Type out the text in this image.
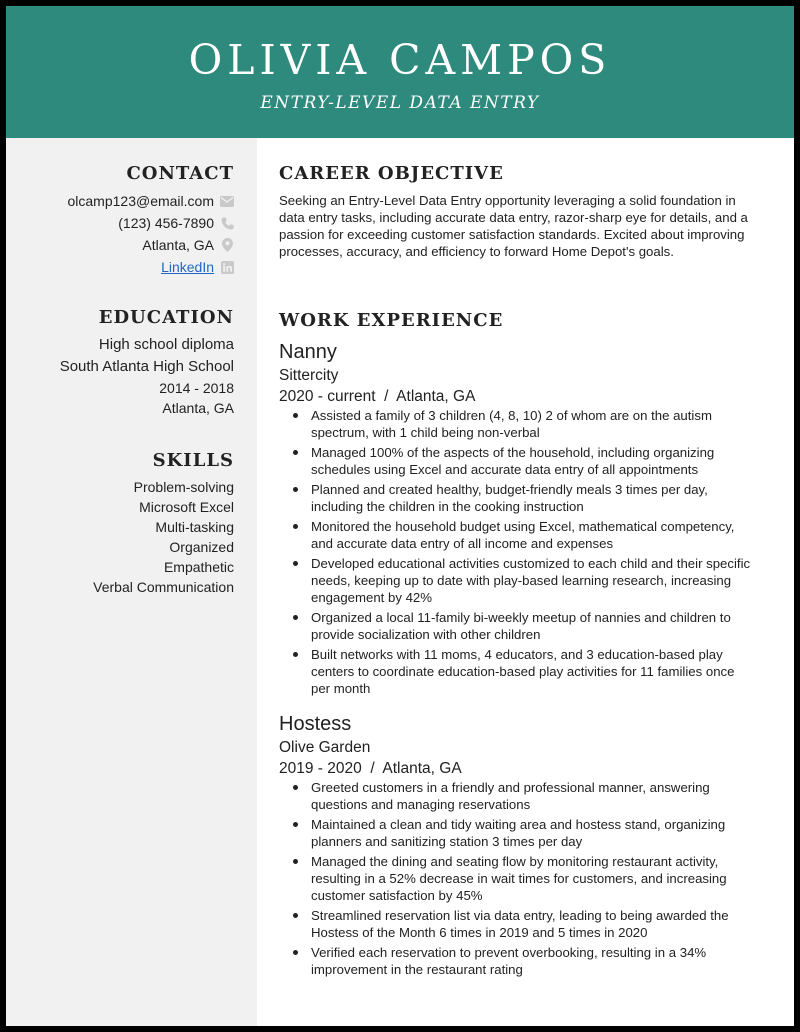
OLIVIA CAMPOS
ENTRY-LEVEL DATA ENTRY
CONTACT
olcamp123@email.com
(123) 456-7890
Atlanta, GA
LinkedIn
EDUCATION
High school diploma
South Atlanta High School
2014 - 2018
Atlanta, GA
SKILLS
Problem-solving
Microsoft Excel
Multi-tasking
Organized
Empathetic
Verbal Communication
CAREER OBJECTIVE
Seeking an Entry-Level Data Entry opportunity leveraging a solid foundation in data entry tasks, including accurate data entry, razor-sharp eye for details, and a passion for exceeding customer satisfaction standards. Excited about improving processes, accuracy, and efficiency to forward Home Depot's goals.
WORK EXPERIENCE
Nanny
Sittercity
2020 - current  /  Atlanta, GA
Assisted a family of 3 children (4, 8, 10) 2 of whom are on the autism spectrum, with 1 child being non-verbal
Managed 100% of the aspects of the household, including organizing schedules using Excel and accurate data entry of all appointments
Planned and created healthy, budget-friendly meals 3 times per day, including the children in the cooking instruction
Monitored the household budget using Excel, mathematical competency, and accurate data entry of all income and expenses
Developed educational activities customized to each child and their specific needs, keeping up to date with play-based learning research, increasing engagement by 42%
Organized a local 11-family bi-weekly meetup of nannies and children to provide socialization with other children
Built networks with 11 moms, 4 educators, and 3 education-based play centers to coordinate education-based play activities for 11 families once per month
Hostess
Olive Garden
2019 - 2020  /  Atlanta, GA
Greeted customers in a friendly and professional manner, answering questions and managing reservations
Maintained a clean and tidy waiting area and hostess stand, organizing planners and sanitizing station 3 times per day
Managed the dining and seating flow by monitoring restaurant activity, resulting in a 52% decrease in wait times for customers, and increasing customer satisfaction by 45%
Streamlined reservation list via data entry, leading to being awarded the Hostess of the Month 6 times in 2019 and 5 times in 2020
Verified each reservation to prevent overbooking, resulting in a 34% improvement in the restaurant rating
